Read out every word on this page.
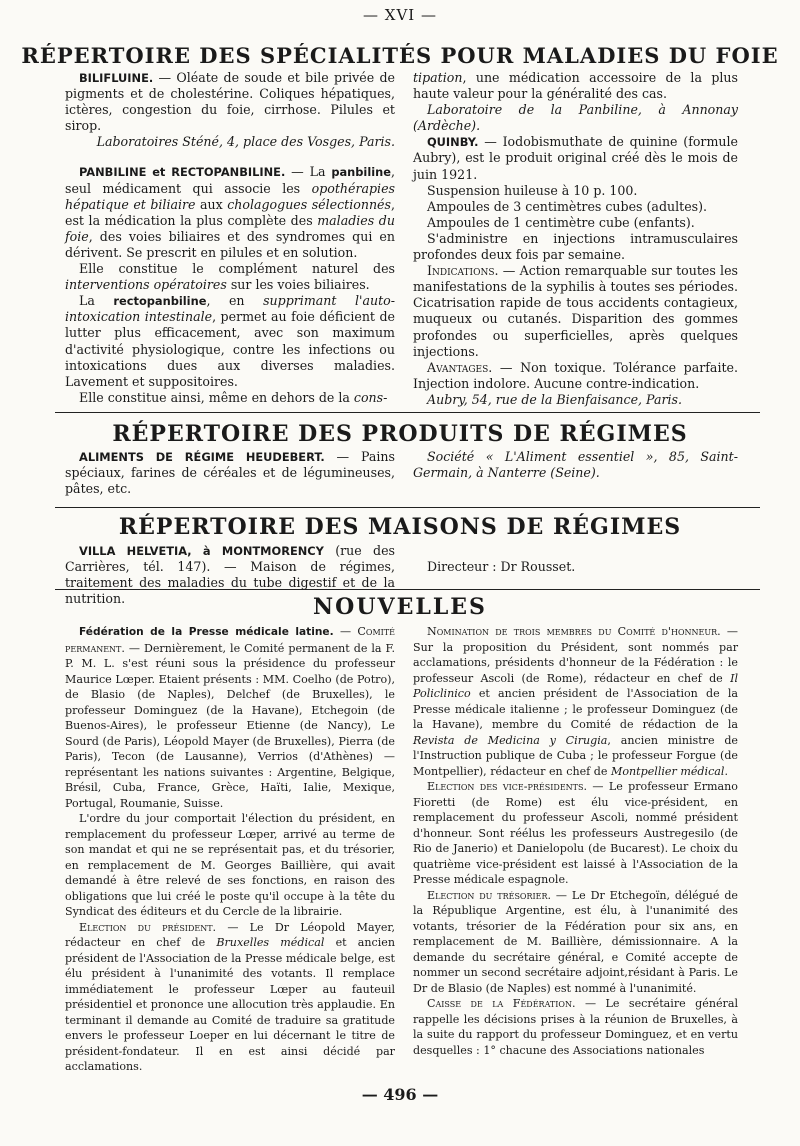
— XVI —
RÉPERTOIRE DES SPÉCIALITÉS POUR MALADIES DU FOIE

BILIFLUINE. — Oléate de soude et bile privée de pigments et de cholestérine. Coliques hépatiques, ictères, congestion du foie, cirrhose. Pilules et sirop.

Laboratoires Sténé, 4, place des Vosges, Paris.

PANBILINE et RECTOPANBILINE. — La panbiline, seul médicament qui associe les opothérapies hépatique et biliaire aux cholagogues sélectionnés, est la médication la plus complète des maladies du foie, des voies biliaires et des syndromes qui en dérivent. Se prescrit en pilules et en solution.

Elle constitue le complément naturel des interventions opératoires sur les voies biliaires.

La rectopanbiline, en supprimant l'auto-intoxication intestinale, permet au foie déficient de lutter plus efficacement, avec son maximum d'activité physiologique, contre les infections ou intoxications dues aux diverses maladies. Lavement et suppositoires.

Elle constitue ainsi, même en dehors de la cons-

tipation, une médication accessoire de la plus haute valeur pour la généralité des cas.

Laboratoire de la Panbiline, à Annonay (Ardèche).

QUINBY. — Iodobismuthate de quinine (formule Aubry), est le produit original créé dès le mois de juin 1921.

Suspension huileuse à 10 p. 100.

Ampoules de 3 centimètres cubes (adultes).

Ampoules de 1 centimètre cube (enfants).

S'administre en injections intramusculaires profondes deux fois par semaine.

Indications. — Action remarquable sur toutes les manifestations de la syphilis à toutes ses périodes. Cicatrisation rapide de tous accidents contagieux, muqueux ou cutanés. Disparition des gommes profondes ou superficielles, après quelques injections.

Avantages. — Non toxique. Tolérance parfaite. Injection indolore. Aucune contre-indication.

Aubry, 54, rue de la Bienfaisance, Paris.

RÉPERTOIRE DES PRODUITS DE RÉGIMES

ALIMENTS DE RÉGIME HEUDEBERT. — Pains spéciaux, farines de céréales et de légumineuses, pâtes, etc.

Société « L'Aliment essentiel », 85, Saint-Germain, à Nanterre (Seine).

RÉPERTOIRE DES MAISONS DE RÉGIMES

VILLA HELVETIA, à MONTMORENCY (rue des Carrières, tél. 147). — Maison de régimes, traitement des maladies du tube digestif et de la nutrition.

Directeur : Dr Rousset.

NOUVELLES

Fédération de la Presse médicale latine. — Comité permanent. — Dernièrement, le Comité permanent de la F. P. M. L. s'est réuni sous la présidence du professeur Maurice Lœper. Etaient présents : MM. Coelho (de Potro), de Blasio (de Naples), Delchef (de Bruxelles), le professeur Dominguez (de la Havane), Etchegoin (de Buenos-Aires), le professeur Etienne (de Nancy), Le Sourd (de Paris), Léopold Mayer (de Bruxelles), Pierra (de Paris), Tecon (de Lausanne), Verrios (d'Athènes) — représentant les nations suivantes : Argentine, Belgique, Brésil, Cuba, France, Grèce, Haïti, Ialie, Mexique, Portugal, Roumanie, Suisse.

L'ordre du jour comportait l'élection du président, en remplacement du professeur Lœper, arrivé au terme de son mandat et qui ne se représentait pas, et du trésorier, en remplacement de M. Georges Baillière, qui avait demandé à être relevé de ses fonctions, en raison des obligations que lui créé le poste qu'il occupe à la tête du Syndicat des éditeurs et du Cercle de la librairie.

Election du président. — Le Dr Léopold Mayer, rédacteur en chef de Bruxelles médical et ancien président de l'Association de la Presse médicale belge, est élu président à l'unanimité des votants. Il remplace immédiatement le professeur Lœper au fauteuil présidentiel et prononce une allocution très applaudie. En terminant il demande au Comité de traduire sa gratitude envers le professeur Loeper en lui décernant le titre de président-fondateur. Il en est ainsi décidé par acclamations.

Nomination de trois membres du Comité d'honneur. — Sur la proposition du Président, sont nommés par acclamations, présidents d'honneur de la Fédération : le professeur Ascoli (de Rome), rédacteur en chef de Il Policlinico et ancien président de l'Association de la Presse médicale italienne ; le professeur Dominguez (de la Havane), membre du Comité de rédaction de la Revista de Medicina y Cirugia, ancien ministre de l'Instruction publique de Cuba ; le professeur Forgue (de Montpellier), rédacteur en chef de Montpellier médical.

Election des vice-présidents. — Le professeur Ermano Fioretti (de Rome) est élu vice-président, en remplacement du professeur Ascoli, nommé président d'honneur. Sont réélus les professeurs Austregesilo (de Rio de Janerio) et Danielopolu (de Bucarest). Le choix du quatrième vice-président est laissé à l'Association de la Presse médicale espagnole.

Election du trésorier. — Le Dr Etchegoïn, délégué de la République Argentine, est élu, à l'unanimité des votants, trésorier de la Fédération pour six ans, en remplacement de M. Baillière, démissionnaire. A la demande du secrétaire général, e Comité accepte de nommer un second secrétaire adjoint,résidant à Paris. Le Dr de Blasio (de Naples) est nommé à l'unanimité.

Caisse de la Fédération. — Le secrétaire général rappelle les décisions prises à la réunion de Bruxelles, à la suite du rapport du professeur Dominguez, et en vertu desquelles : 1° chacune des Associations nationales

— 496 —
